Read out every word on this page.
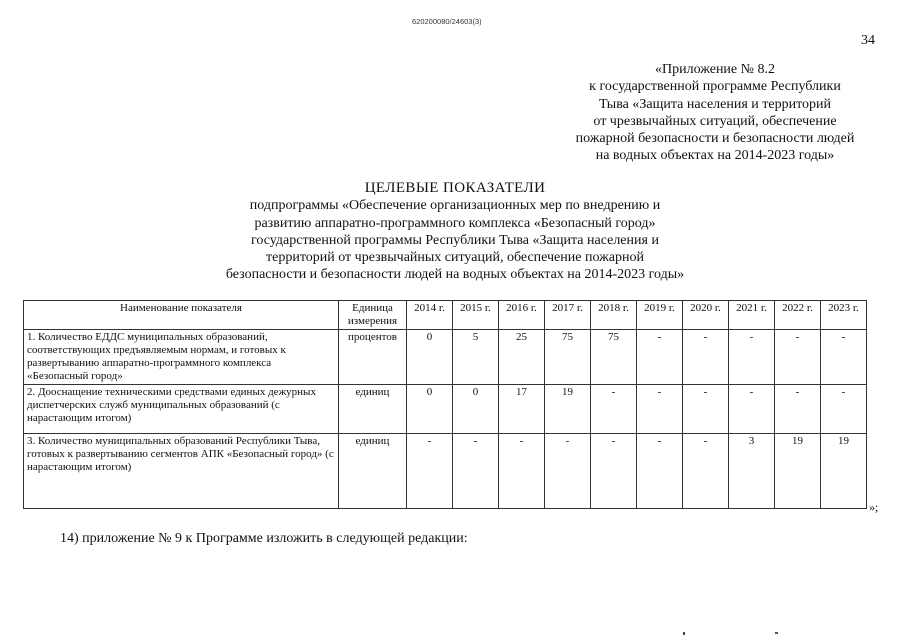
620200080/24603(3)
34
«Приложение № 8.2
к государственной программе Республики
Тыва «Защита населения и территорий
от чрезвычайных ситуаций, обеспечение
пожарной безопасности и безопасности людей
на водных объектах на 2014-2023 годы»
ЦЕЛЕВЫЕ ПОКАЗАТЕЛИ
подпрограммы «Обеспечение организационных мер по внедрению и
развитию аппаратно-программного комплекса «Безопасный город»
государственной программы Республики Тыва «Защита населения и
территорий от чрезвычайных ситуаций, обеспечение пожарной
безопасности и безопасности людей на водных объектах на 2014-2023 годы»
Наименование показателя	Единица измерения	2014 г.	2015 г.	2016 г.	2017 г.	2018 г.	2019 г.	2020 г.	2021 г.	2022 г.	2023 г.
1. Количество ЕДДС муниципальных образований, соответствующих предъявляемым нормам, и готовых к развертыванию аппаратно-программного комплекса «Безопасный город»	процентов	0	5	25	75	75	-	-	-	-	-
2. Дооснащение техническими средствами единых дежурных диспетчерских служб муниципальных образований (с нарастающим итогом)	единиц	0	0	17	19	-	-	-	-	-	-
3. Количество муниципальных образований Республики Тыва, готовых к развертыванию сегментов АПК «Безопасный город» (с нарастающим итогом)	единиц	-	-	-	-	-	-	-	3	19	19
»;
14) приложение № 9 к Программе изложить в следующей редакции:
